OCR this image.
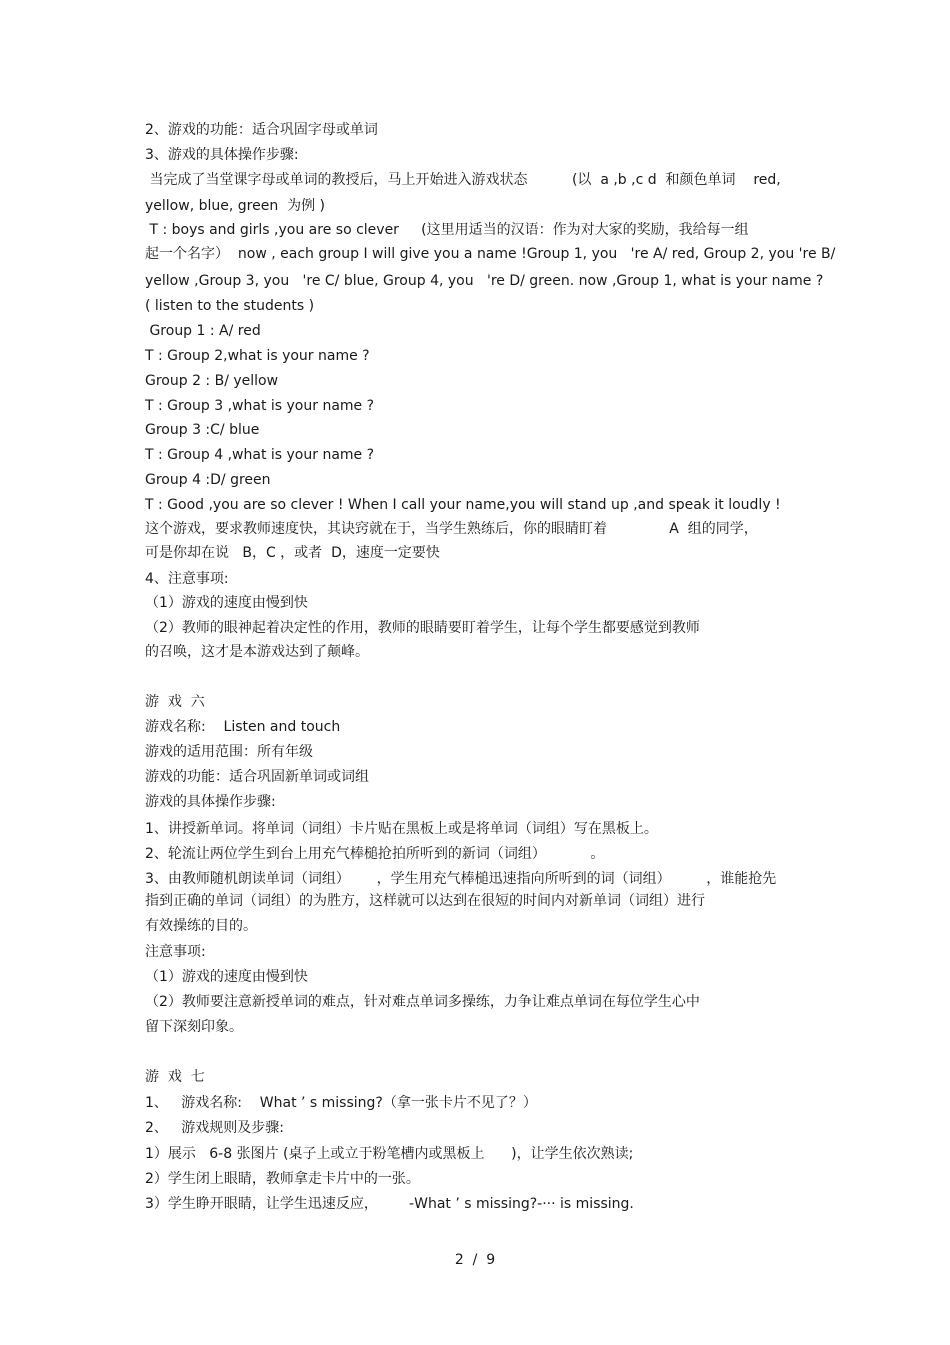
2、游戏的功能：适合巩固字母或单词
3、游戏的具体操作步骤:
当完成了当堂课字母或单词的教授后，马上开始进入游戏状态          (以  a ,b ,c d  和颜色单词    red,
yellow, blue, green  为例 )
T : boys and girls ,you are so clever     (这里用适当的汉语：作为对大家的奖励，我给每一组
起一个名字）  now , each group I will give you a name !Group 1, you   're A/ red, Group 2, you 're B/
yellow ,Group 3, you   're C/ blue, Group 4, you   're D/ green. now ,Group 1, what is your name ?
( listen to the students )
Group 1 : A/ red
T : Group 2,what is your name ?
Group 2 : B/ yellow
T : Group 3 ,what is your name ?
Group 3 :C/ blue
T : Group 4 ,what is your name ?
Group 4 :D/ green
T : Good ,you are so clever ! When I call your name,you will stand up ,and speak it loudly !
这个游戏，要求教师速度快，其诀窍就在于，当学生熟练后，你的眼睛盯着              A  组的同学，
可是你却在说   B，C ，或者  D，速度一定要快
4、注意事项:
（1）游戏的速度由慢到快
（2）教师的眼神起着决定性的作用，教师的眼睛要盯着学生，让每个学生都要感觉到教师
的召唤，这才是本游戏达到了颠峰。
游  戏  六
游戏名称:    Listen and touch
游戏的适用范围：所有年级
游戏的功能：适合巩固新单词或词组
游戏的具体操作步骤:
1、讲授新单词。将单词（词组）卡片贴在黑板上或是将单词（词组）写在黑板上。
2、轮流让两位学生到台上用充气棒槌抢拍所听到的新词（词组）          。
3、由教师随机朗读单词（词组）      ，学生用充气棒槌迅速指向所听到的词（词组）        ，谁能抢先
指到正确的单词（词组）的为胜方，这样就可以达到在很短的时间内对新单词（词组）进行
有效操练的目的。
注意事项:
（1）游戏的速度由慢到快
（2）教师要注意新授单词的难点，针对难点单词多操练，力争让难点单词在每位学生心中
留下深刻印象。
游  戏  七
1、   游戏名称:    What ’ s missing?（拿一张卡片不见了？）
2、   游戏规则及步骤:
1）展示   6-8 张图片 (桌子上或立于粉笔槽内或黑板上      )，让学生依次熟读;
2）学生闭上眼睛，教师拿走卡片中的一张。
3）学生睁开眼睛，让学生迅速反应，       -What ’ s missing?-··· is missing.
2  /  9
